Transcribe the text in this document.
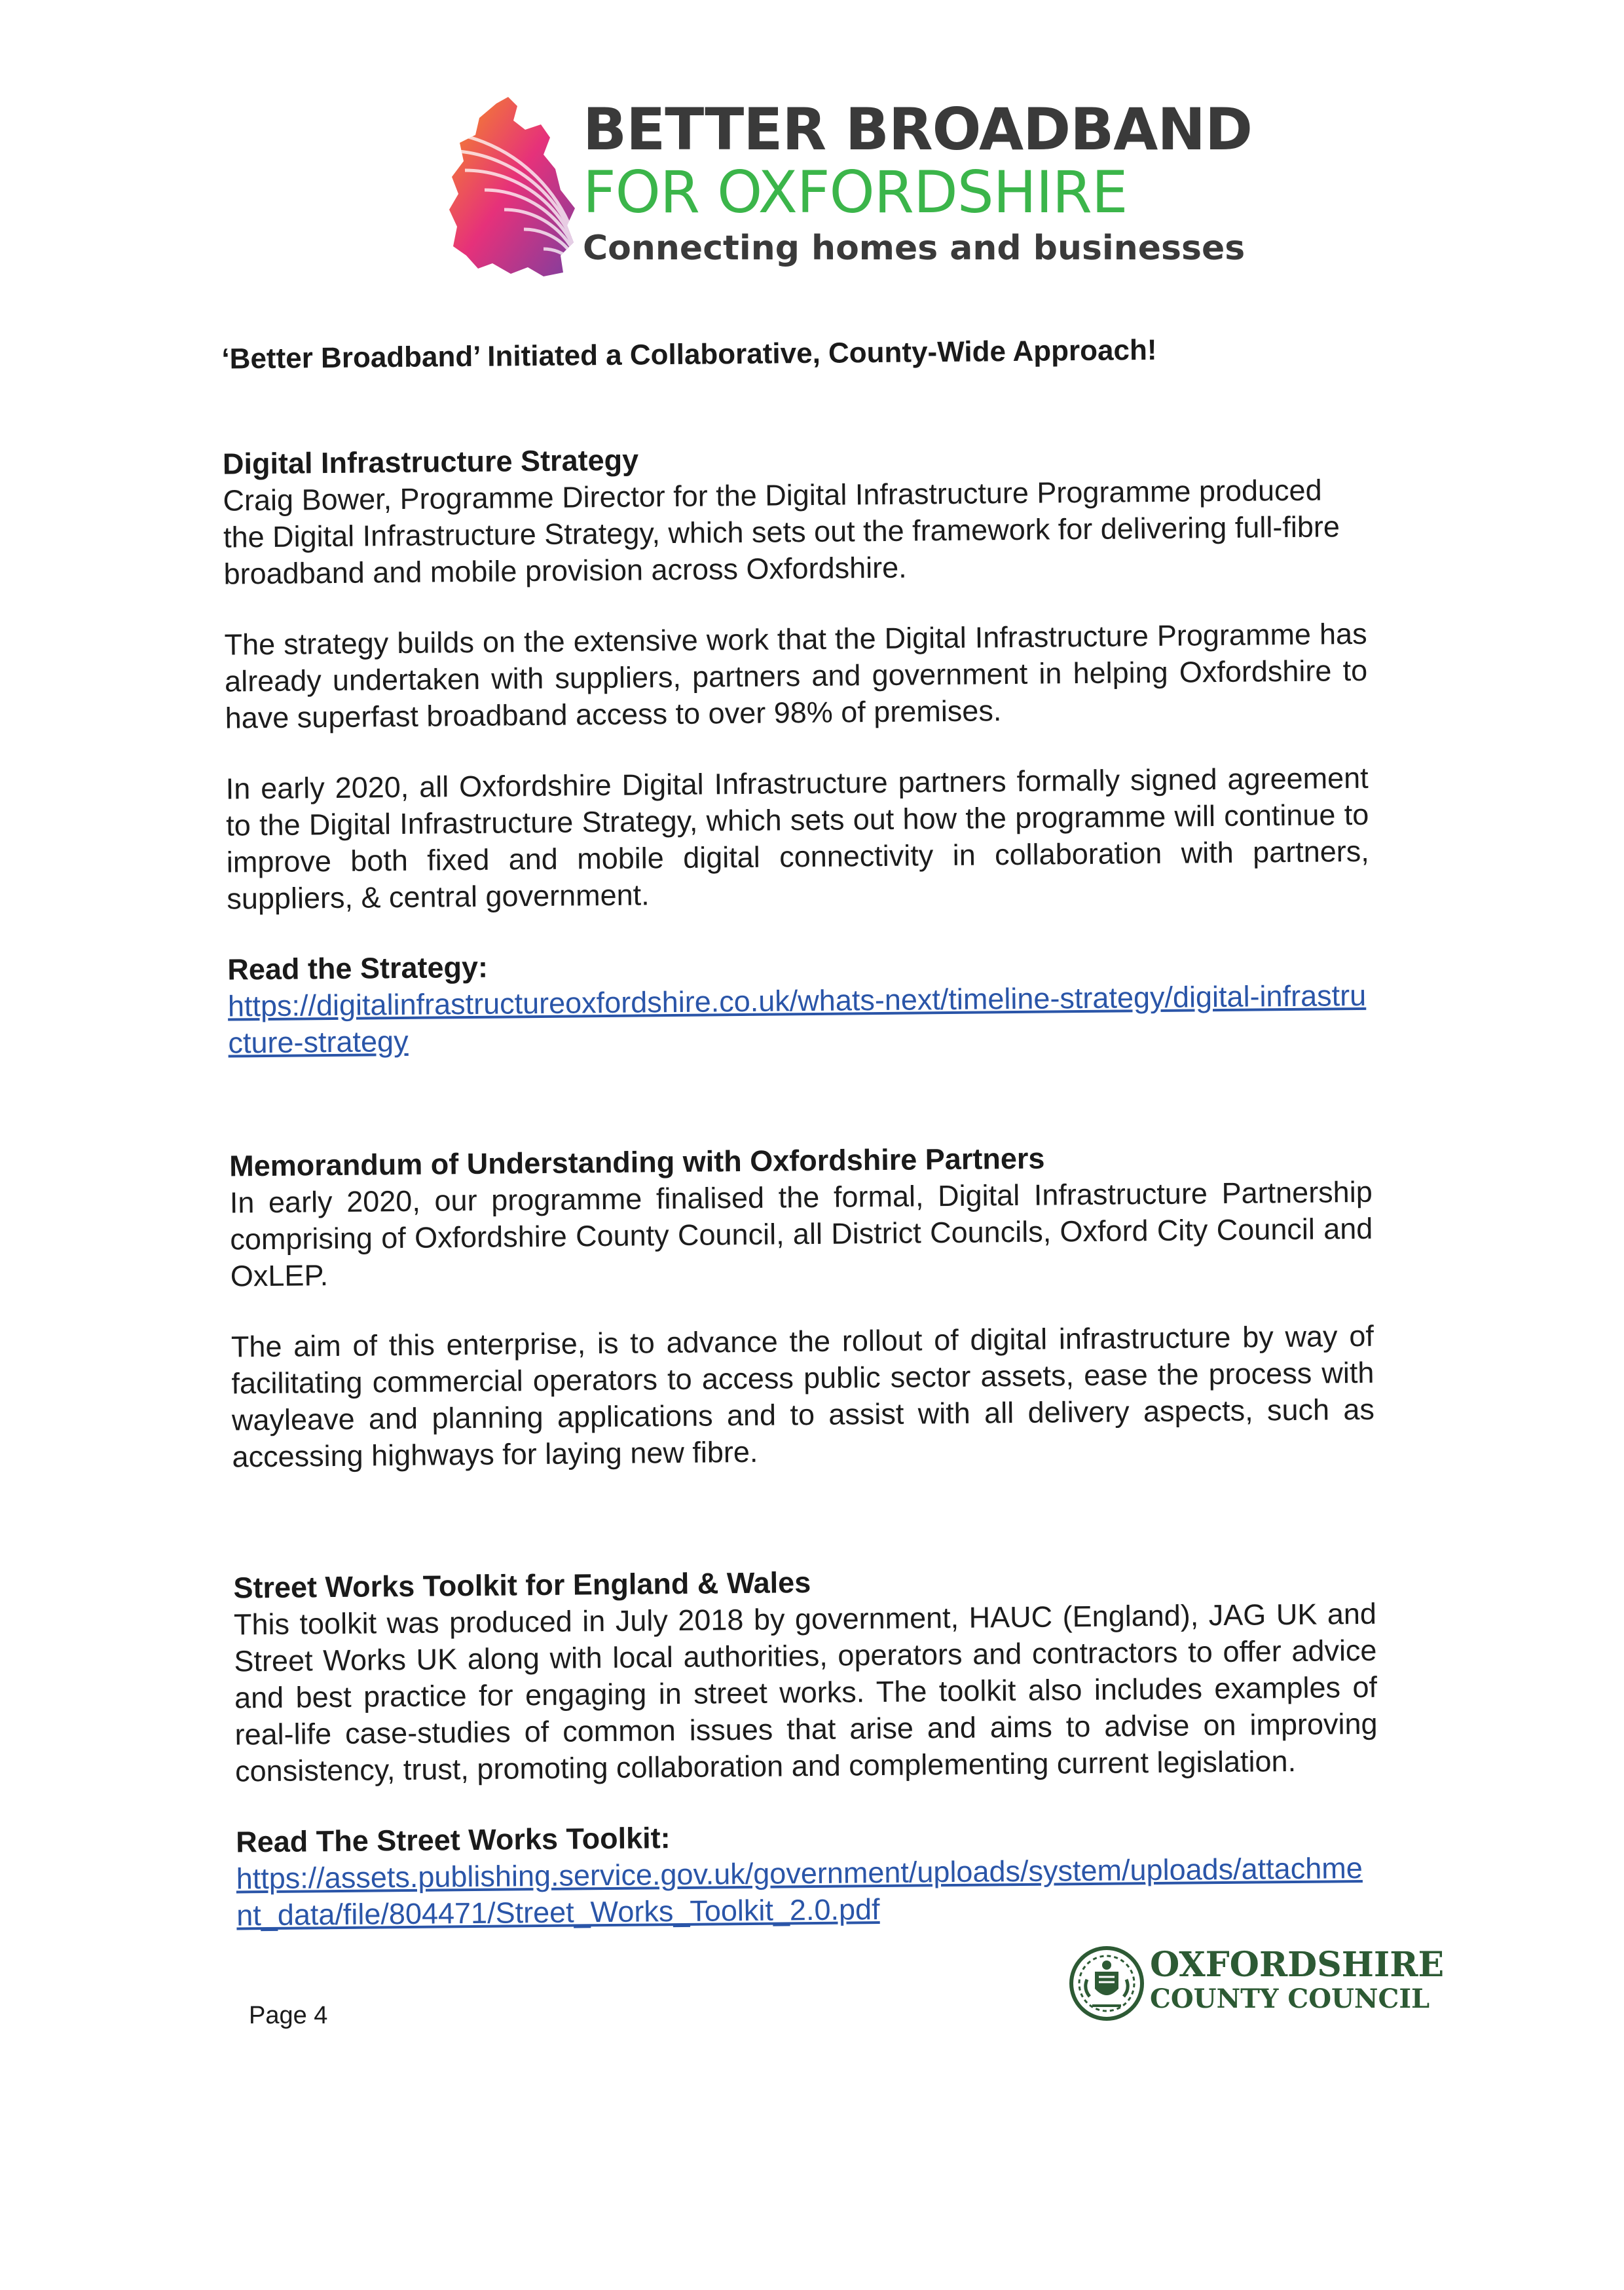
BETTER BROADBAND
FOR OXFORDSHIRE
Connecting homes and businesses
‘Better Broadband’ Initiated a Collaborative, County-Wide Approach!
Digital Infrastructure Strategy

Craig Bower, Programme Director for the Digital Infrastructure Programme produced the Digital Infrastructure Strategy, which sets out the framework for delivering full-fibre broadband and mobile provision across Oxfordshire.

The strategy builds on the extensive work that the Digital Infrastructure Programme has already undertaken with suppliers, partners and government in helping Oxfordshire to have superfast broadband access to over 98% of premises.

In early 2020, all Oxfordshire Digital Infrastructure partners formally signed agreement to the Digital Infrastructure Strategy, which sets out how the programme will continue to improve both fixed and mobile digital connectivity in collaboration with partners, suppliers, & central government.

Read the Strategy:
https://digitalinfrastructureoxfordshire.co.uk/whats-next/timeline-strategy/digital-infrastructure-strategy
Memorandum of Understanding with Oxfordshire Partners

In early 2020, our programme finalised the formal, Digital Infrastructure Partnership comprising of Oxfordshire County Council, all District Councils, Oxford City Council and OxLEP.

The aim of this enterprise, is to advance the rollout of digital infrastructure by way of facilitating commercial operators to access public sector assets, ease the process with wayleave and planning applications and to assist with all delivery aspects, such as accessing highways for laying new fibre.

Street Works Toolkit for England & Wales

This toolkit was produced in July 2018 by government, HAUC (England), JAG UK and Street Works UK along with local authorities, operators and contractors to offer advice and best practice for engaging in street works. The toolkit also includes examples of real-life case-studies of common issues that arise and aims to advise on improving consistency, trust, promoting collaboration and complementing current legislation.

Read The Street Works Toolkit:
https://assets.publishing.service.gov.uk/government/uploads/system/uploads/attachment_data/file/804471/Street_Works_Toolkit_2.0.pdf
Page 4
OXFORDSHIRE
COUNTY COUNCIL
